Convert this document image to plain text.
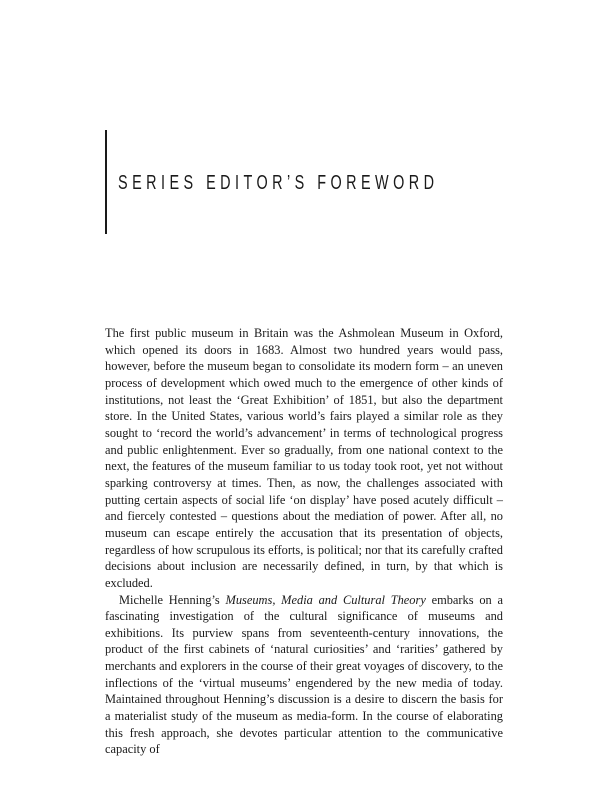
SERIES EDITOR’S FOREWORD

The first public museum in Britain was the Ashmolean Museum in Oxford, which opened its doors in 1683. Almost two hundred years would pass, however, before the museum began to consolidate its modern form – an uneven process of development which owed much to the emergence of other kinds of institutions, not least the ‘Great Exhibition’ of 1851, but also the department store. In the United States, various world’s fairs played a similar role as they sought to ‘record the world’s advancement’ in terms of technological progress and public enlightenment. Ever so gradually, from one national context to the next, the features of the museum familiar to us today took root, yet not without sparking controversy at times. Then, as now, the challenges associated with putting certain aspects of social life ‘on display’ have posed acutely difficult – and fiercely contested – questions about the mediation of power. After all, no museum can escape entirely the accusation that its presentation of objects, regardless of how scrupulous its efforts, is political; nor that its carefully crafted decisions about inclusion are necessarily defined, in turn, by that which is excluded.

Michelle Henning’s Museums, Media and Cultural Theory embarks on a fascinating investigation of the cultural significance of museums and exhibitions. Its purview spans from seventeenth-century innovations, the product of the first cabinets of ‘natural curiosities’ and ‘rarities’ gathered by merchants and explorers in the course of their great voyages of discovery, to the inflections of the ‘virtual museums’ engendered by the new media of today. Maintained throughout Henning’s discussion is a desire to discern the basis for a materialist study of the museum as media-form. In the course of elaborating this fresh approach, she devotes particular attention to the communicative capacity of
